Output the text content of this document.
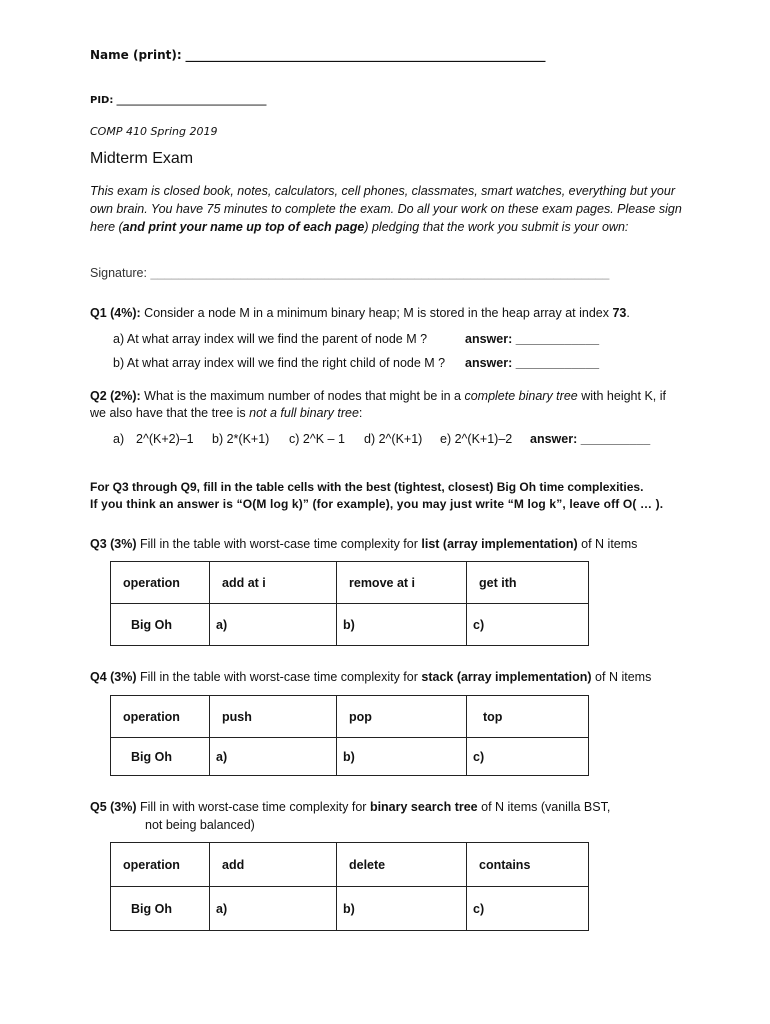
Name (print): ____________________________________________________________
PID: ______________________________
COMP 410 Spring 2019
Midterm Exam
This exam is closed book, notes, calculators, cell phones, classmates, smart watches, everything but your own brain. You have 75 minutes to complete the exam. Do all your work on these exam pages. Please sign here (and print your name up top of each page) pledging that the work you submit is your own:
Signature: __________________________________________________________________
Q1 (4%): Consider a node M in a minimum binary heap; M is stored in the heap array at index 73.
a) At what array index will we find the parent of node M ?	answer: ____________
b) At what array index will we find the right child of node M ? answer: ____________
Q2 (2%): What is the maximum number of nodes that might be in a complete binary tree with height K, if
we also have that the tree is not a full binary tree:
a) 2^(K+2)–1 b) 2*(K+1) c) 2^K – 1 d) 2^(K+1) e) 2^(K+1)–2 answer: __________
For Q3 through Q9, fill in the table cells with the best (tightest, closest) Big Oh time complexities.
If you think an answer is “O(M log k)” (for example), you may just write “M log k”, leave off O( … ).
Q3 (3%) Fill in the table with worst-case time complexity for list (array implementation) of N items
operation	add at i	remove at i	get ith
Big Oh	a)	b)	c)
Q4 (3%) Fill in the table with worst-case time complexity for stack (array implementation) of N items
operation	push	pop	top
Big Oh	a)	b)	c)
Q5 (3%) Fill in with worst-case time complexity for binary search tree of N items (vanilla BST,
not being balanced)
operation	add	delete	contains
Big Oh	a)	b)	c)
